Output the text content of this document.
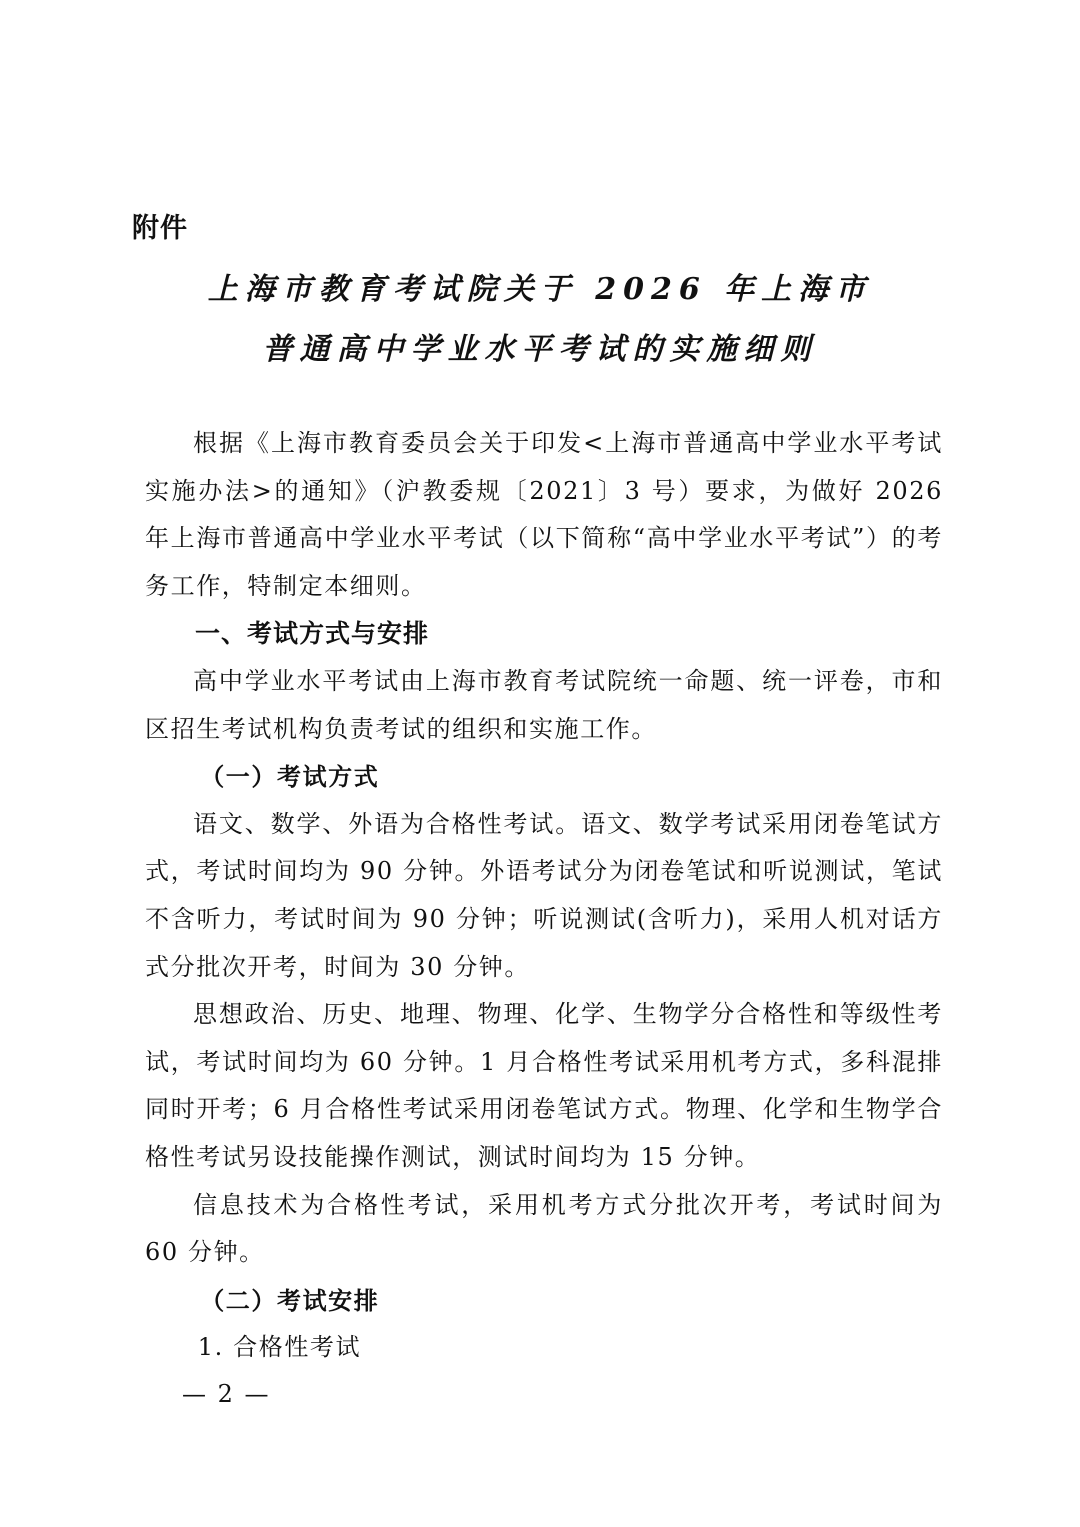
附件
上海市教育考试院关于 2026 年上海市
普通高中学业水平考试的实施细则

根据《上海市教育委员会关于印发<上海市普通高中学业水平考试实施办法>的通知》（沪教委规〔2021〕3 号）要求，为做好 2026 年上海市普通高中学业水平考试（以下简称“高中学业水平考试”）的考务工作，特制定本细则。

一、考试方式与安排

高中学业水平考试由上海市教育考试院统一命题、统一评卷，市和区招生考试机构负责考试的组织和实施工作。

（一）考试方式

语文、数学、外语为合格性考试。语文、数学考试采用闭卷笔试方式，考试时间均为 90 分钟。外语考试分为闭卷笔试和听说测试，笔试不含听力，考试时间为 90 分钟；听说测试(含听力)，采用人机对话方式分批次开考，时间为 30 分钟。

思想政治、历史、地理、物理、化学、生物学分合格性和等级性考试，考试时间均为 60 分钟。1 月合格性考试采用机考方式，多科混排同时开考；6 月合格性考试采用闭卷笔试方式。物理、化学和生物学合格性考试另设技能操作测试，测试时间均为 15 分钟。

信息技术为合格性考试，采用机考方式分批次开考，考试时间为 60 分钟。

（二）考试安排

1. 合格性考试

— 2 —
